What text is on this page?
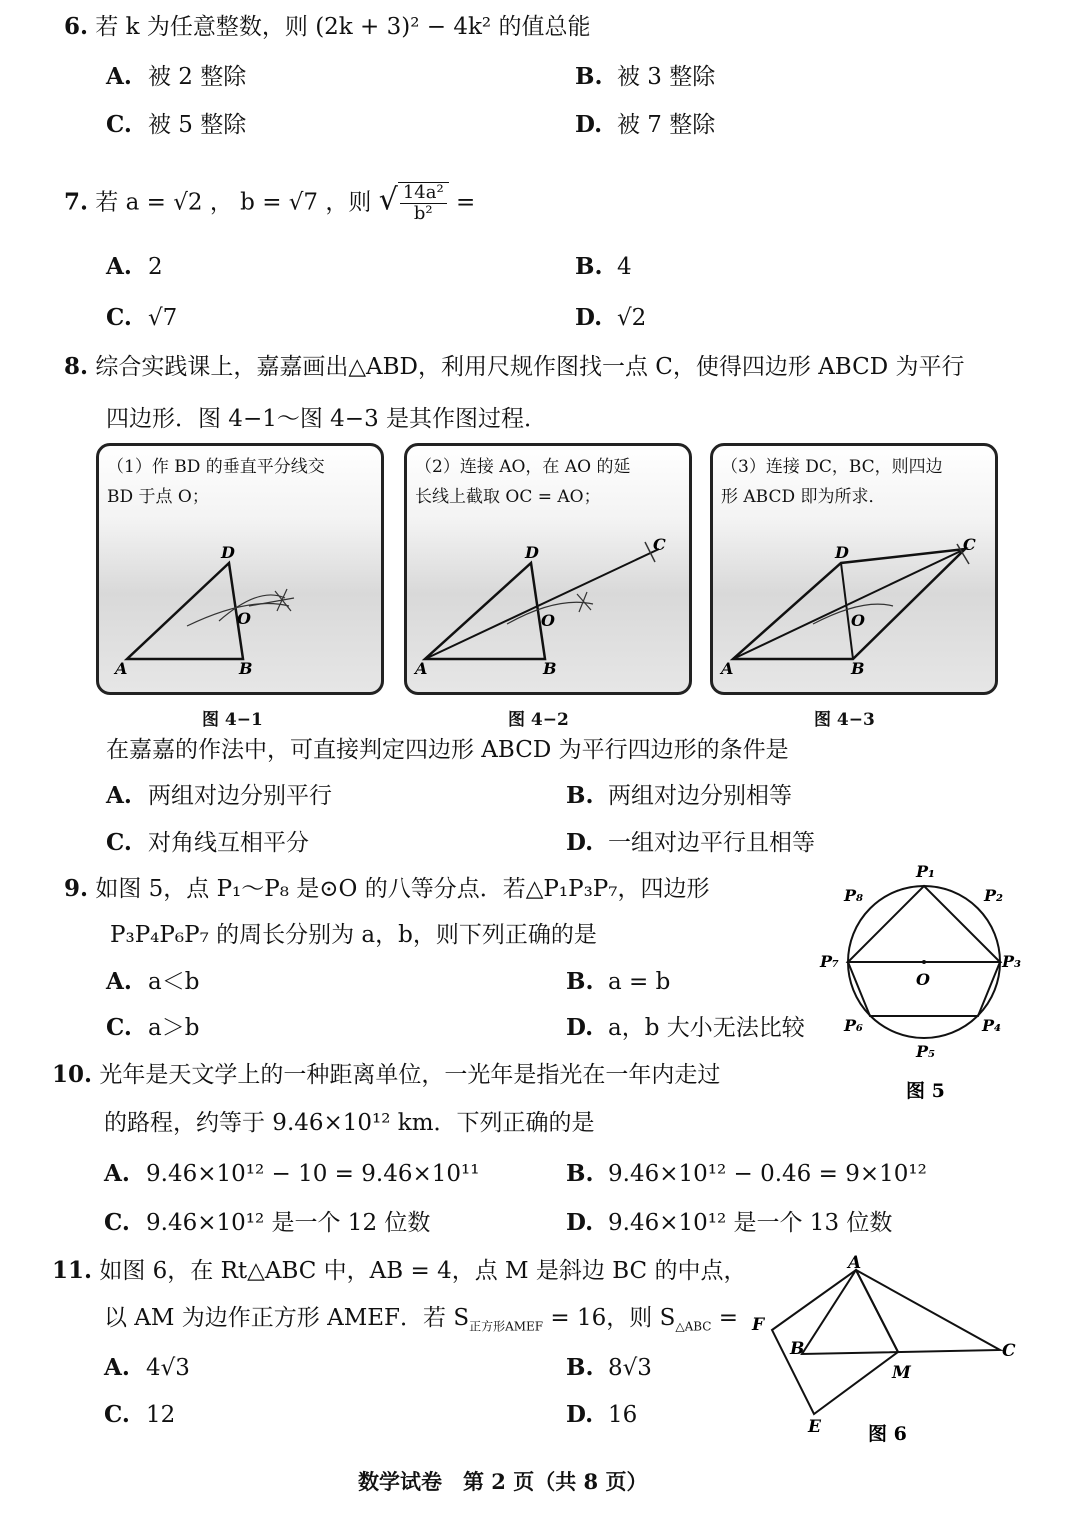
6. 若 k 为任意整数，则 (2k + 3)² − 4k² 的值总能
A. 被 2 整除	B. 被 3 整除
C. 被 5 整除	D. 被 7 整除
7. 若 a = √2 ， b = √7 ，则 √ $\frac{\text{14a²}}{\text{b²}}$ =
A. 2	B. 4
C. √7	D. √2
8. 综合实践课上，嘉嘉画出△ABD，利用尺规作图找一点 C，使得四边形 ABCD 为平行
四边形．图 4−1～图 4−3 是其作图过程．
（1）作 BD 的垂直平分线交
BD 于点 O；
A	B
D
O
图 4−1
（2）连接 AO，在 AO 的延
长线上截取 OC = AO；
A	B
D
O
C
图 4−2
（3）连接 DC，BC，则四边
形 ABCD 即为所求．
A	B
D
O
C
图 4−3
在嘉嘉的作法中，可直接判定四边形 ABCD 为平行四边形的条件是
A. 两组对边分别平行	B. 两组对边分别相等
C. 对角线互相平分	D. 一组对边平行且相等
9. 如图 5，点 P₁～P₈ 是⊙O 的八等分点．若△P₁P₃P₇，四边形
P₃P₄P₆P₇ 的周长分别为 a，b，则下列正确的是
A. a＜b	B. a = b
C. a＞b	D. a，b 大小无法比较
P₁
P₂
P₃
P₄
P₅
P₆
P₇
P₈
O
图 5
10. 光年是天文学上的一种距离单位，一光年是指光在一年内走过
的路程，约等于 9.46×10¹² km．下列正确的是
A. 9.46×10¹² − 10 = 9.46×10¹¹	B. 9.46×10¹² − 0.46 = 9×10¹²
C. 9.46×10¹² 是一个 12 位数	D. 9.46×10¹² 是一个 13 位数
11. 如图 6，在 Rt△ABC 中，AB = 4，点 M 是斜边 BC 的中点，
以 AM 为边作正方形 AMEF．若 $S_{正方形AMEF} = 16$，则 $S_{\triangle ABC}$ =
A. 4√3	B. 8√3
C. 12	D. 16
A
B	C
M
E
F
图 6
数学试卷　第 2 页（共 8 页）
